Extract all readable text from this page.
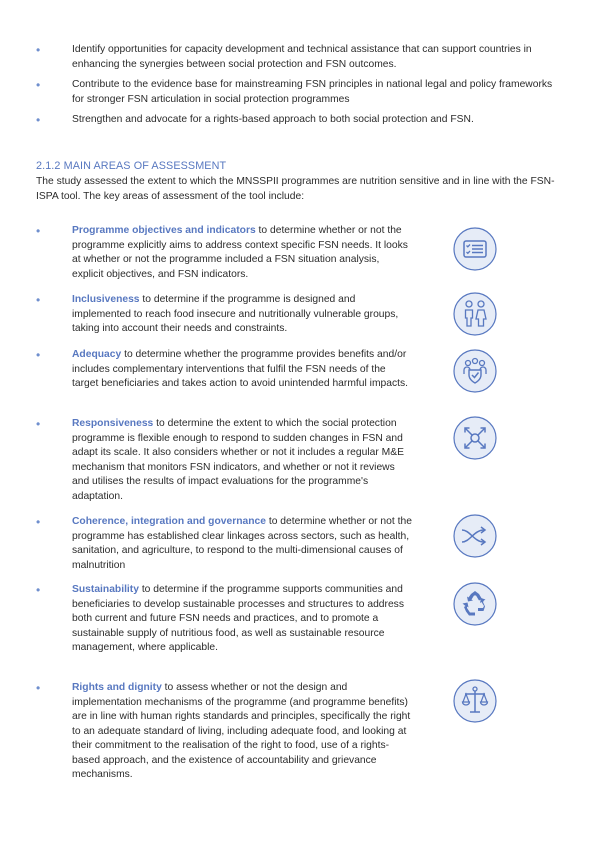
•	Identify opportunities for capacity development and technical assistance that can support countries in enhancing the synergies between social protection and FSN outcomes.
•	Contribute to the evidence base for mainstreaming FSN principles in national legal and policy frameworks for stronger FSN articulation in social protection programmes
•	Strengthen and advocate for a rights-based approach to both social protection and FSN.
2.1.2 MAIN AREAS OF ASSESSMENT
The study assessed the extent to which the MNSSPII programmes are nutrition sensitive and in line with the FSN-ISPA tool. The key areas of assessment of the tool include:
•	Programme objectives and indicators to determine whether or not the programme explicitly aims to address context specific FSN needs. It looks at whether or not the programme included a FSN situation analysis, explicit objectives, and FSN indicators.
•	Inclusiveness to determine if the programme is designed and implemented to reach food insecure and nutritionally vulnerable groups, taking into account their needs and constraints.
•	Adequacy to determine whether the programme provides benefits and/or includes complementary interventions that fulfil the FSN needs of the target beneficiaries and takes action to avoid unintended harmful impacts.
•	Responsiveness to determine the extent to which the social protection programme is flexible enough to respond to sudden changes in FSN and adapt its scale. It also considers whether or not it includes a regular M&E mechanism that monitors FSN indicators, and whether or not it reviews and utilises the results of impact evaluations for the programme's adaptation.
•	Coherence, integration and governance to determine whether or not the programme has established clear linkages across sectors, such as health, sanitation, and agriculture, to respond to the multi-dimensional causes of malnutrition
•	Sustainability to determine if the programme supports communities and beneficiaries to develop sustainable processes and structures to address both current and future FSN needs and practices, and to promote a sustainable supply of nutritious food, as well as sustainable resource management, where applicable.
•	Rights and dignity to assess whether or not the design and implementation mechanisms of the programme (and programme benefits) are in line with human rights standards and principles, specifically the right to an adequate standard of living, including adequate food, and looking at their commitment to the realisation of the right to food, use of a rights-based approach, and the existence of accountability and grievance mechanisms.
